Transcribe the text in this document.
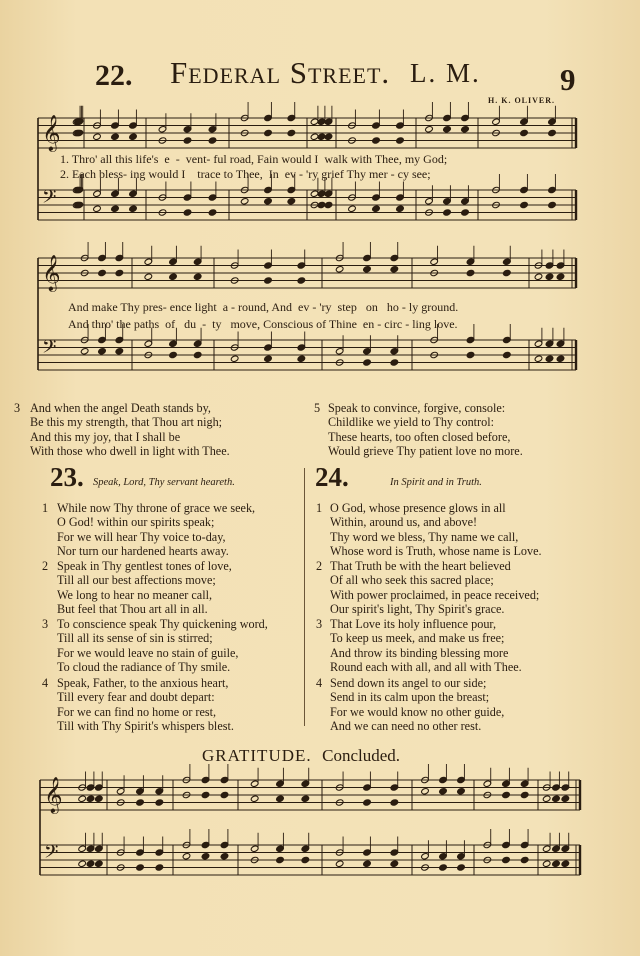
22. Federal Street. L. M.	9
H. K. OLIVER.
𝄞
𝄢
𝄞
𝄢
𝄞
𝄢
1. Thro' all this life's  e  -  vent- ful road, Fain would I  walk with Thee, my God;
2. Each bless- ing would I    trace to Thee,  In  ev - 'ry grief Thy mer - cy see;
And make Thy pres- ence light  a - round, And  ev - 'ry  step   on   ho - ly ground.
And thro' the paths  of   du  -  ty   move, Conscious of Thine  en - circ - ling love.
3 And when the angel Death stands by,
Be this my strength, that Thou art nigh;
And this my joy, that I shall be
With those who dwell in light with Thee.
5 Speak to convince, forgive, console:
Childlike we yield to Thy control:
These hearts, too often closed before,
Would grieve Thy patient love no more.
23. Speak, Lord, Thy servant heareth.
1 While now Thy throne of grace we seek,
O God! within our spirits speak;
For we will hear Thy voice to-day,
Nor turn our hardened hearts away.
2 Speak in Thy gentlest tones of love,
Till all our best affections move;
We long to hear no meaner call,
But feel that Thou art all in all.
3 To conscience speak Thy quickening word,
Till all its sense of sin is stirred;
For we would leave no stain of guile,
To cloud the radiance of Thy smile.
4 Speak, Father, to the anxious heart,
Till every fear and doubt depart:
For we can find no home or rest,
Till with Thy Spirit's whispers blest.
24.	In Spirit and in Truth.
1 O God, whose presence glows in all
Within, around us, and above!
Thy word we bless, Thy name we call,
Whose word is Truth, whose name is Love.
2 That Truth be with the heart believed
Of all who seek this sacred place;
With power proclaimed, in peace received;
Our spirit's light, Thy Spirit's grace.
3 That Love its holy influence pour,
To keep us meek, and make us free;
And throw its binding blessing more
Round each with all, and all with Thee.
4 Send down its angel to our side;
Send in its calm upon the breast;
For we would know no other guide,
And we can need no other rest.
GRATITUDE. Concluded.
